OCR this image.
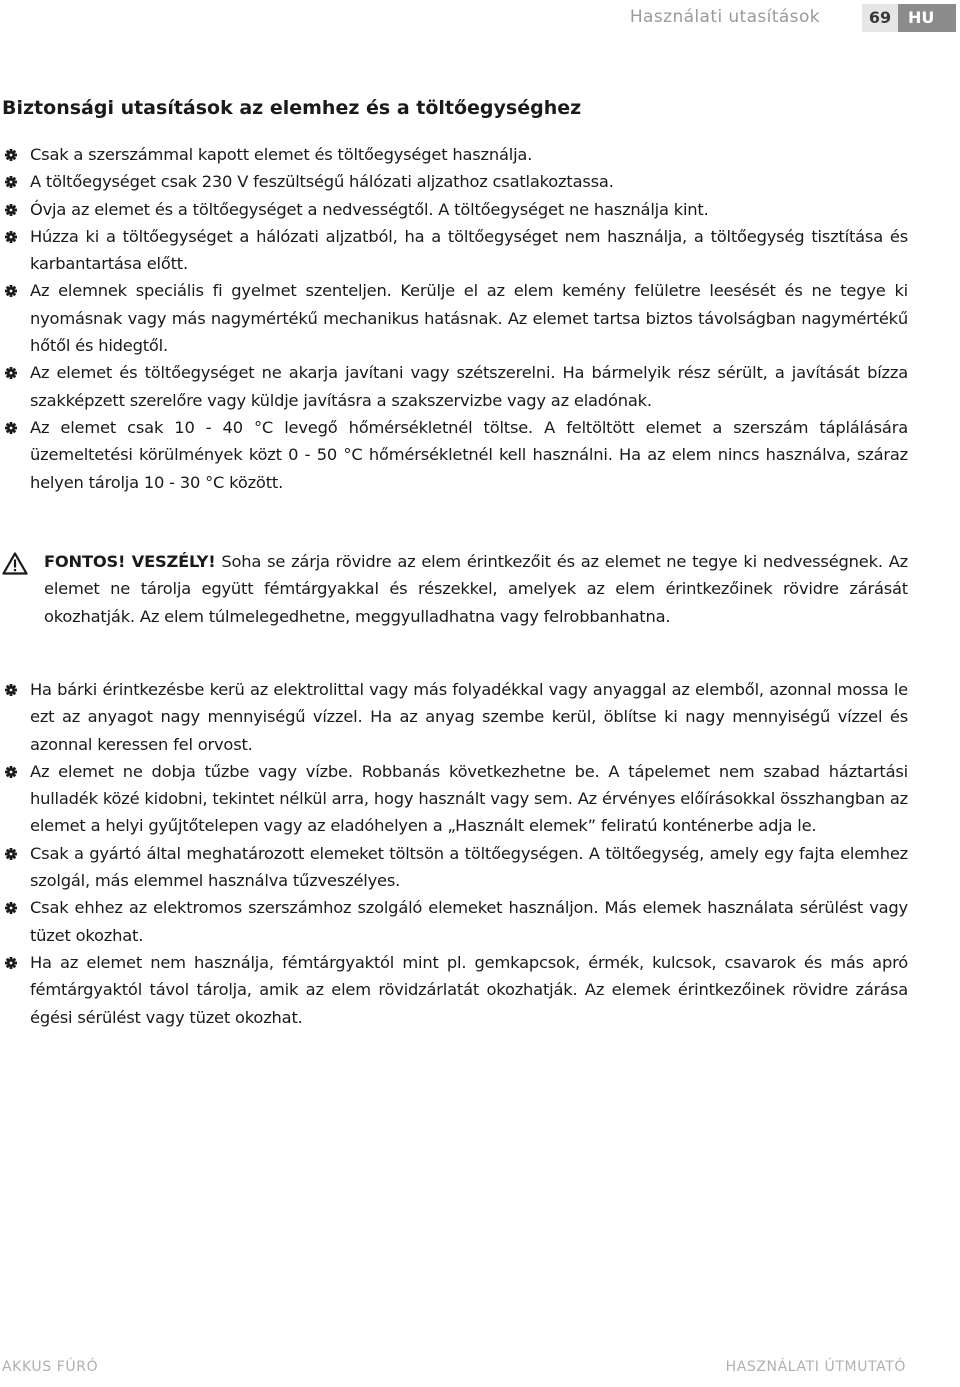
Használati utasítások	69	HU
Biztonsági utasítások az elemhez és a töltőegységhez
Csak a szerszámmal kapott elemet és töltőegységet használja.
A töltőegységet csak 230 V feszültségű hálózati aljzathoz csatlakoztassa.
Óvja az elemet és a töltőegységet a nedvességtől. A töltőegységet ne használja kint.
Húzza ki a töltőegységet a hálózati aljzatból, ha a töltőegységet nem használja, a töltőegység tisztítása és karbantartása előtt.
Az elemnek speciális fi gyelmet szenteljen. Kerülje el az elem kemény felületre leesését és ne tegye ki nyomásnak vagy más nagymértékű mechanikus hatásnak. Az elemet tartsa biztos távolságban nagymértékű hőtől és hidegtől.
Az elemet és töltőegységet ne akarja javítani vagy szétszerelni. Ha bármelyik rész sérült, a javítását bízza szakképzett szerelőre vagy küldje javításra a szakszervizbe vagy az eladónak.
Az elemet csak 10 - 40 °C levegő hőmérsékletnél töltse. A feltöltött elemet a szerszám táplálására üzemeltetési körülmények közt 0 - 50 °C hőmérsékletnél kell használni. Ha az elem nincs használva, száraz helyen tárolja 10 - 30 °C között.
FONTOS! VESZÉLY! Soha se zárja rövidre az elem érintkezőit és az elemet ne tegye ki nedvességnek. Az elemet ne tárolja együtt fémtárgyakkal és részekkel, amelyek az elem érintkezőinek rövidre zárását okozhatják. Az elem túlmelegedhetne, meggyulladhatna vagy felrobbanhatna.
Ha bárki érintkezésbe kerü az elektrolittal vagy más folyadékkal vagy anyaggal az elemből, azonnal mossa le ezt az anyagot nagy mennyiségű vízzel. Ha az anyag szembe kerül, öblítse ki nagy mennyiségű vízzel és azonnal keressen fel orvost.
Az elemet ne dobja tűzbe vagy vízbe. Robbanás következhetne be. A tápelemet nem szabad háztartási hulladék közé kidobni, tekintet nélkül arra, hogy használt vagy sem. Az érvényes előírásokkal összhangban az elemet a helyi gyűjtőtelepen vagy az eladóhelyen a „Használt elemek” feliratú konténerbe adja le.
Csak a gyártó által meghatározott elemeket töltsön a töltőegységen. A töltőegység, amely egy fajta elemhez szolgál, más elemmel használva tűzveszélyes.
Csak ehhez az elektromos szerszámhoz szolgáló elemeket használjon. Más elemek használata sérülést vagy tüzet okozhat.
Ha az elemet nem használja, fémtárgyaktól mint pl. gemkapcsok, érmék, kulcsok, csavarok és más apró fémtárgyaktól távol tárolja, amik az elem rövidzárlatát okozhatják. Az elemek érintkezőinek rövidre zárása égési sérülést vagy tüzet okozhat.
AKKUS FÚRÓ	HASZNÁLATI ÚTMUTATÓ
